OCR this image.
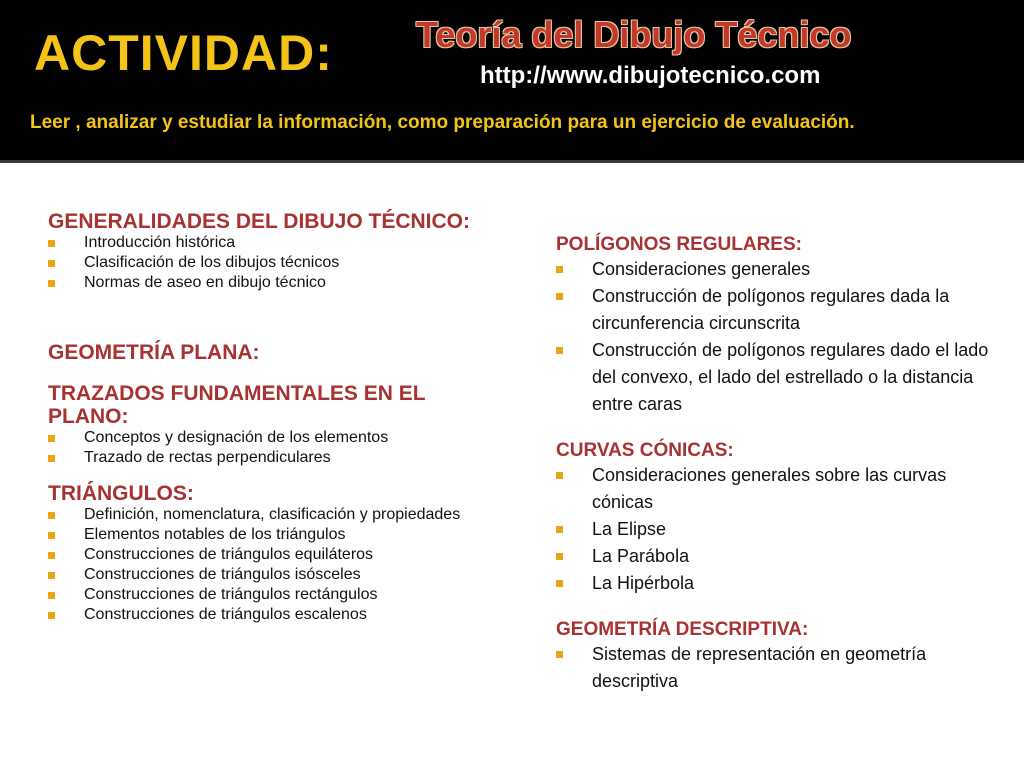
ACTIVIDAD: Teoría del Dibujo Técnico
http://www.dibujotecnico.com
Leer , analizar y estudiar la información, como preparación para un ejercicio de evaluación.
GENERALIDADES DEL DIBUJO TÉCNICO:
Introducción histórica
Clasificación de los dibujos técnicos
Normas de aseo en dibujo técnico
GEOMETRÍA PLANA:
TRAZADOS FUNDAMENTALES EN EL PLANO:
Conceptos y designación de los elementos
Trazado de rectas perpendiculares
TRIÁNGULOS:
Definición, nomenclatura, clasificación y propiedades
Elementos notables de los triángulos
Construcciones de triángulos equiláteros
Construcciones de triángulos isósceles
Construcciones de triángulos rectángulos
Construcciones de triángulos escalenos
POLÍGONOS REGULARES:
Consideraciones generales
Construcción de polígonos regulares dada la circunferencia circunscrita
Construcción de polígonos regulares dado el lado del convexo, el lado del estrellado o la distancia entre caras
CURVAS CÓNICAS:
Consideraciones generales sobre las curvas cónicas
La Elipse
La Parábola
La Hipérbola
GEOMETRÍA DESCRIPTIVA:
Sistemas de representación en geometría descriptiva
